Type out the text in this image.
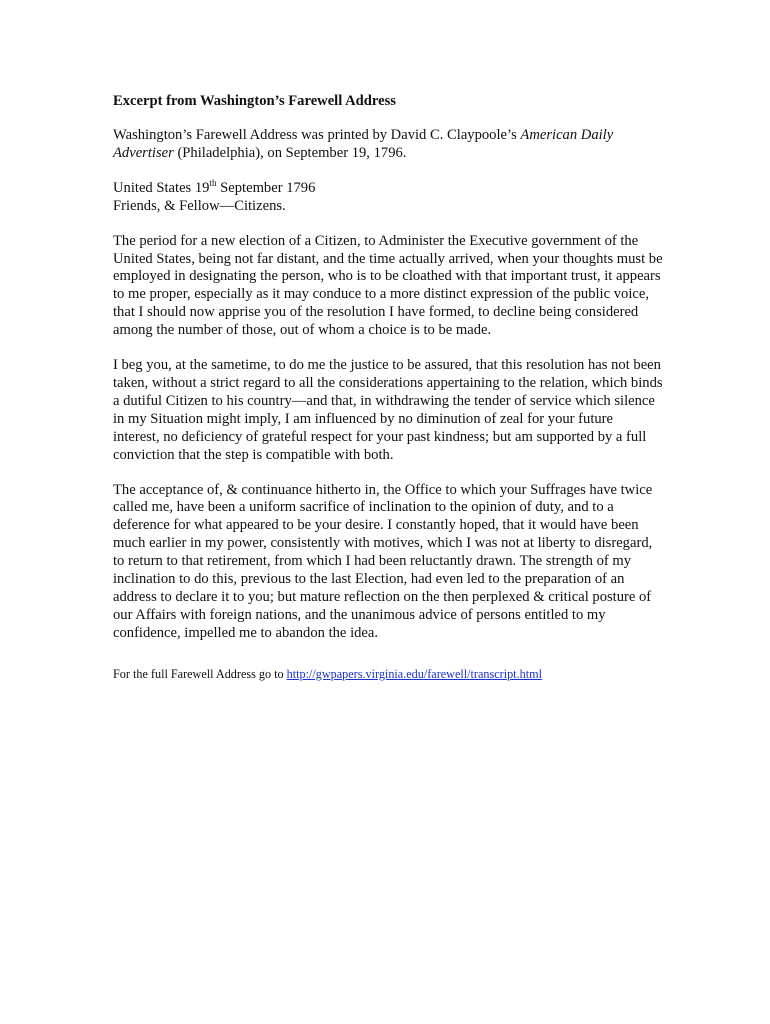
Excerpt from Washington’s Farewell Address

Washington’s Farewell Address was printed by David C. Claypoole’s American Daily Advertiser (Philadelphia), on September 19, 1796.

United States 19th September 1796

Friends, & Fellow—Citizens.

The period for a new election of a Citizen, to Administer the Executive government of the United States, being not far distant, and the time actually arrived, when your thoughts must be employed in designating the person, who is to be cloathed with that important trust, it appears to me proper, especially as it may conduce to a more distinct expression of the public voice, that I should now apprise you of the resolution I have formed, to decline being considered among the number of those, out of whom a choice is to be made.

I beg you, at the sametime, to do me the justice to be assured, that this resolution has not been taken, without a strict regard to all the considerations appertaining to the relation, which binds a dutiful Citizen to his country—and that, in withdrawing the tender of service which silence in my Situation might imply, I am influenced by no diminution of zeal for your future interest, no deficiency of grateful respect for your past kindness; but am supported by a full conviction that the step is compatible with both.

The acceptance of, & continuance hitherto in, the Office to which your Suffrages have twice called me, have been a uniform sacrifice of inclination to the opinion of duty, and to a deference for what appeared to be your desire. I constantly hoped, that it would have been much earlier in my power, consistently with motives, which I was not at liberty to disregard, to return to that retirement, from which I had been reluctantly drawn. The strength of my inclination to do this, previous to the last Election, had even led to the preparation of an address to declare it to you; but mature reflection on the then perplexed & critical posture of our Affairs with foreign nations, and the unanimous advice of persons entitled to my confidence, impelled me to abandon the idea.

For the full Farewell Address go to http://gwpapers.virginia.edu/farewell/transcript.html
